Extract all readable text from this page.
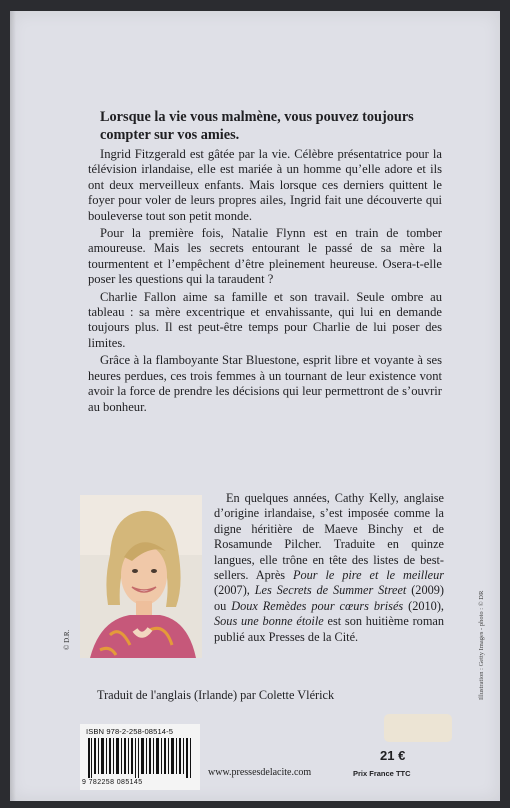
Lorsque la vie vous malmène, vous pouvez toujours compter sur vos amies.

Ingrid Fitzgerald est gâtée par la vie. Célèbre présentatrice pour la télévision irlandaise, elle est mariée à un homme qu’elle adore et ils ont deux merveilleux enfants. Mais lorsque ces derniers quittent le foyer pour voler de leurs propres ailes, Ingrid fait une découverte qui bouleverse tout son petit monde.

Pour la première fois, Natalie Flynn est en train de tomber amoureuse. Mais les secrets entourant le passé de sa mère la tourmentent et l’empêchent d’être pleinement heureuse. Osera-t-elle poser les questions qui la taraudent ?

Charlie Fallon aime sa famille et son travail. Seule ombre au tableau : sa mère excentrique et envahissante, qui lui en demande toujours plus. Il est peut-être temps pour Charlie de lui poser des limites.

Grâce à la flamboyante Star Bluestone, esprit libre et voyante à ses heures perdues, ces trois femmes à un tournant de leur existence vont avoir la force de prendre les décisions qui leur permettront de s’ouvrir au bonheur.

© D.R.

En quelques années, Cathy Kelly, anglaise d’origine irlandaise, s’est imposée comme la digne héritière de Maeve Binchy et de Rosamunde Pilcher. Traduite en quinze langues, elle trône en tête des listes de best-sellers. Après Pour le pire et le meilleur (2007), Les Secrets de Summer Street (2009) ou Doux Remèdes pour cœurs brisés (2010), Sous une bonne étoile est son huitième roman publié aux Presses de la Cité.

Traduit de l'anglais (Irlande) par Colette Vlérick
ISBN 978-2-258-08514-5
9 782258 085145
www.pressesdelacite.com
21 €
Prix France TTC
Illustration : Getty Images - photo : © DR
